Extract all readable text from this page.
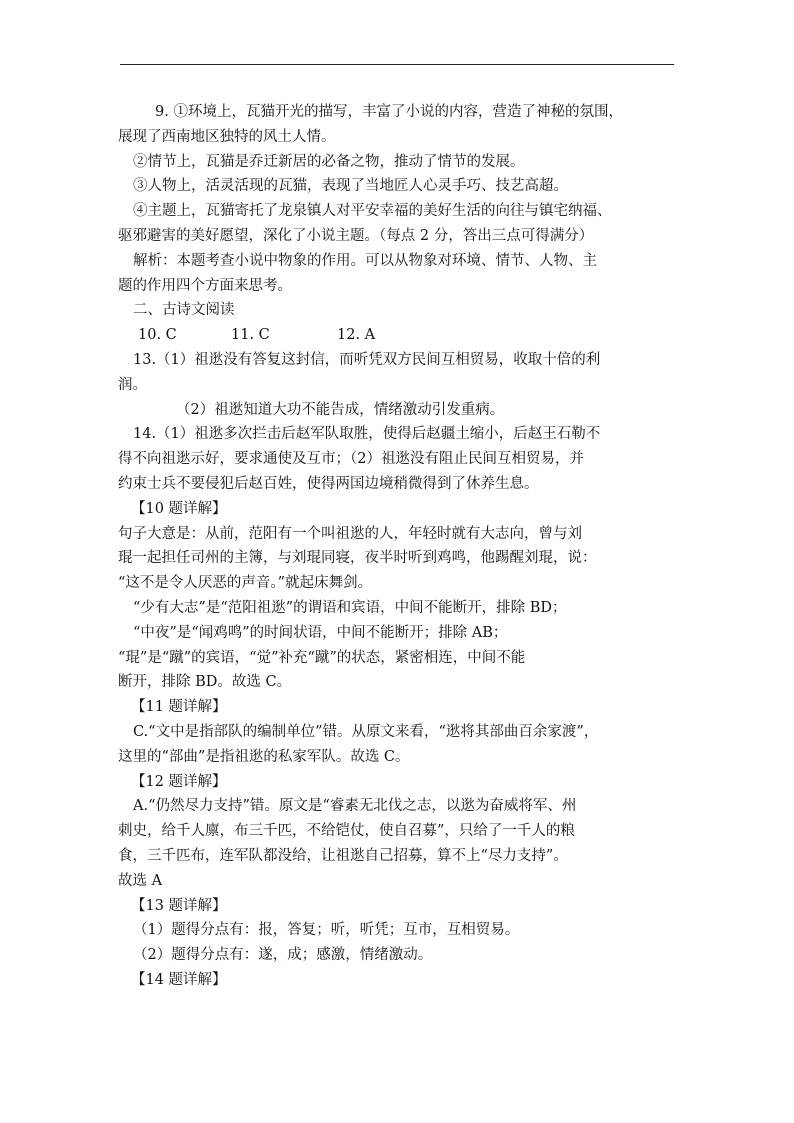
9. ①环境上，瓦猫开光的描写，丰富了小说的内容，营造了神秘的氛围，

展现了西南地区独特的风土人情。

②情节上，瓦猫是乔迁新居的必备之物，推动了情节的发展。

③人物上，活灵活现的瓦猫，表现了当地匠人心灵手巧、技艺高超。

④主题上，瓦猫寄托了龙泉镇人对平安幸福的美好生活的向往与镇宅纳福、

驱邪避害的美好愿望，深化了小说主题。（每点 2 分，答出三点可得满分）

解析：本题考查小说中物象的作用。可以从物象对环境、情节、人物、主

题的作用四个方面来思考。

二、古诗文阅读

10. C	11. C	12. A

13.（1）祖逖没有答复这封信，而听凭双方民间互相贸易，收取十倍的利

润。

（2）祖逖知道大功不能告成，情绪激动引发重病。

14.（1）祖逖多次拦击后赵军队取胜，使得后赵疆土缩小，后赵王石勒不

得不向祖逖示好，要求通使及互市；（2）祖逖没有阻止民间互相贸易，并

约束士兵不要侵犯后赵百姓，使得两国边境稍微得到了休养生息。

【10 题详解】

句子大意是：从前，范阳有一个叫祖逖的人，年轻时就有大志向，曾与刘

琨一起担任司州的主簿，与刘琨同寝，夜半时听到鸡鸣，他踢醒刘琨，说：

“这不是令人厌恶的声音。”就起床舞剑。

“少有大志”是“范阳祖逖”的谓语和宾语，中间不能断开，排除 BD；

“中夜”是“闻鸡鸣”的时间状语，中间不能断开；排除 AB；

“琨”是“蹴”的宾语，“觉”补充“蹴”的状态，紧密相连，中间不能

断开，排除 BD。故选 C。

【11 题详解】

C.“文中是指部队的编制单位”错。从原文来看，“逖将其部曲百余家渡”，

这里的“部曲”是指祖逖的私家军队。故选 C。

【12 题详解】

A.“仍然尽力支持”错。原文是“睿素无北伐之志，以逖为奋威将军、州

刺史，给千人廪，布三千匹，不给铠仗，使自召募”，只给了一千人的粮

食，三千匹布，连军队都没给，让祖逖自己招募，算不上“尽力支持”。

故选 A

【13 题详解】

（1）题得分点有：报，答复；听，听凭；互市，互相贸易。

（2）题得分点有：遂，成；感激，情绪激动。

【14 题详解】
